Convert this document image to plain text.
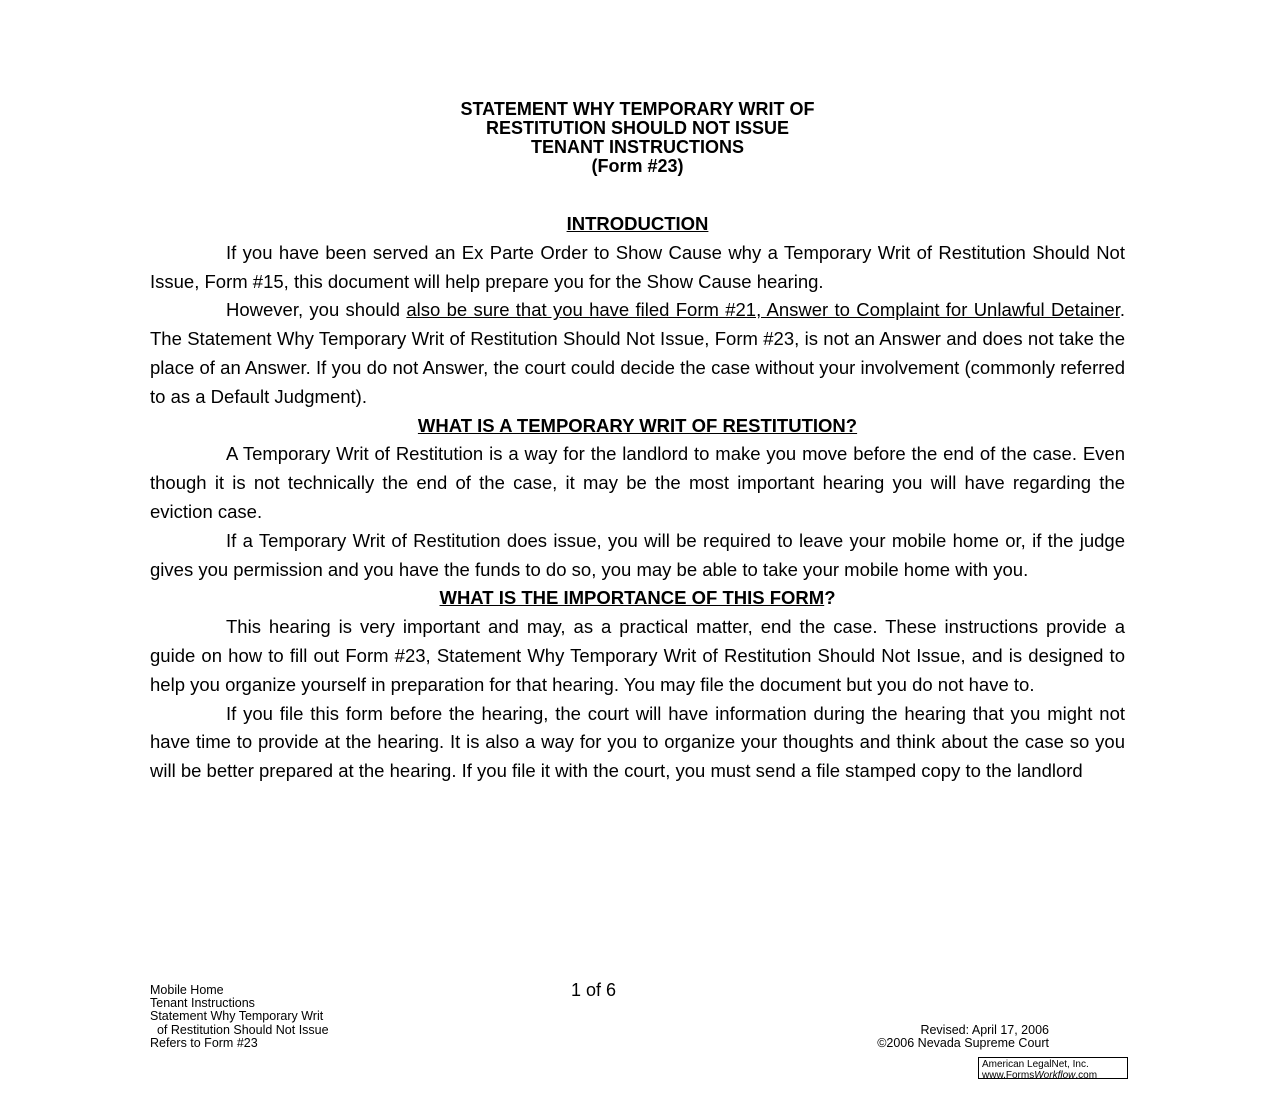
STATEMENT WHY TEMPORARY WRIT OF
RESTITUTION SHOULD NOT ISSUE
TENANT INSTRUCTIONS
(Form #23)
INTRODUCTION

If you have been served an Ex Parte Order to Show Cause why a Temporary Writ of Restitution Should Not Issue, Form #15, this document will help prepare you for the Show Cause hearing.

However, you should also be sure that you have filed Form #21, Answer to Complaint for Unlawful Detainer. The Statement Why Temporary Writ of Restitution Should Not Issue, Form #23, is not an Answer and does not take the place of an Answer. If you do not Answer, the court could decide the case without your involvement (commonly referred to as a Default Judgment).

WHAT IS A TEMPORARY WRIT OF RESTITUTION?

A Temporary Writ of Restitution is a way for the landlord to make you move before the end of the case. Even though it is not technically the end of the case, it may be the most important hearing you will have regarding the eviction case.

If a Temporary Writ of Restitution does issue, you will be required to leave your mobile home or, if the judge gives you permission and you have the funds to do so, you may be able to take your mobile home with you.

WHAT IS THE IMPORTANCE OF THIS FORM?

This hearing is very important and may, as a practical matter, end the case. These instructions provide a guide on how to fill out Form #23, Statement Why Temporary Writ of Restitution Should Not Issue, and is designed to help you organize yourself in preparation for that hearing. You may file the document but you do not have to.

If you file this form before the hearing, the court will have information during the hearing that you might not have time to provide at the hearing. It is also a way for you to organize your thoughts and think about the case so you will be better prepared at the hearing. If you file it with the court, you must send a file stamped copy to the landlord

Mobile Home
Tenant Instructions
Statement Why Temporary Writ
of Restitution Should Not Issue
Refers to Form #23
1 of 6
Revised: April 17, 2006
©2006 Nevada Supreme Court
American LegalNet, Inc.
www.FormsWorkflow.com
